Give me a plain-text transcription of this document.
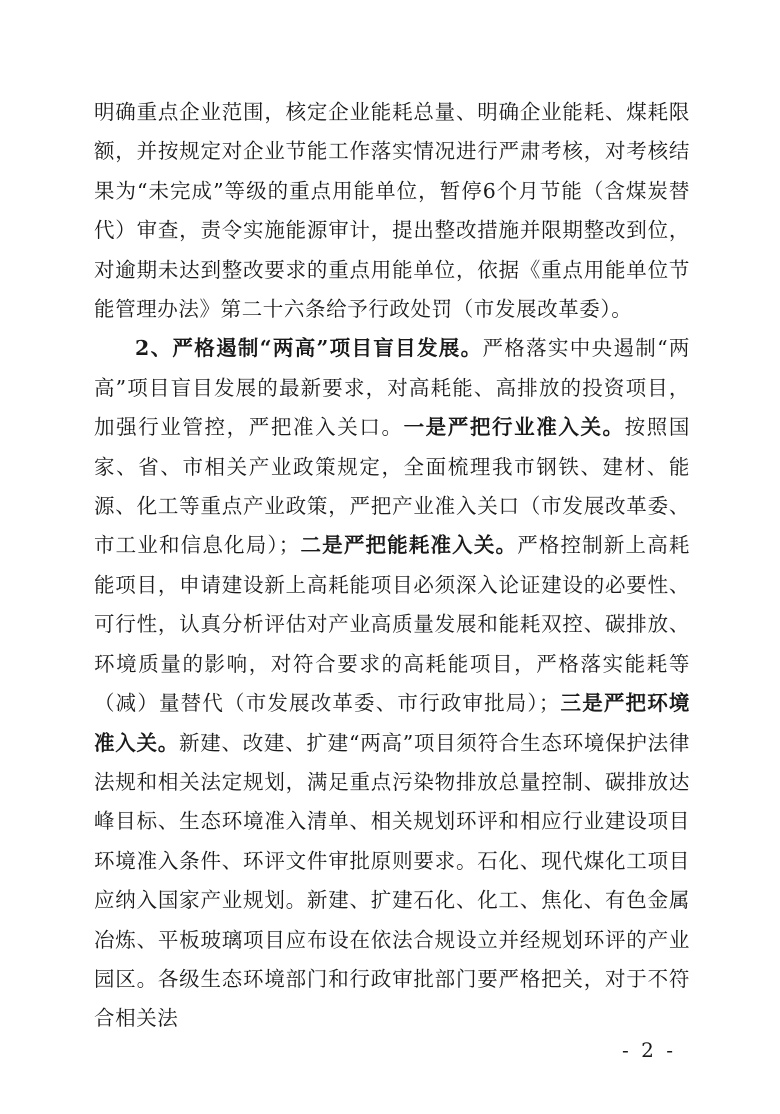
明确重点企业范围，核定企业能耗总量、明确企业能耗、煤耗限额，并按规定对企业节能工作落实情况进行严肃考核，对考核结果为“未完成”等级的重点用能单位，暂停6个月节能（含煤炭替代）审查，责令实施能源审计，提出整改措施并限期整改到位，对逾期未达到整改要求的重点用能单位，依据《重点用能单位节能管理办法》第二十六条给予行政处罚（市发展改革委）。

2、严格遏制“两高”项目盲目发展。严格落实中央遏制“两高”项目盲目发展的最新要求，对高耗能、高排放的投资项目，加强行业管控，严把准入关口。一是严把行业准入关。按照国家、省、市相关产业政策规定，全面梳理我市钢铁、建材、能源、化工等重点产业政策，严把产业准入关口（市发展改革委、市工业和信息化局）；二是严把能耗准入关。严格控制新上高耗能项目，申请建设新上高耗能项目必须深入论证建设的必要性、可行性，认真分析评估对产业高质量发展和能耗双控、碳排放、环境质量的影响，对符合要求的高耗能项目，严格落实能耗等（减）量替代（市发展改革委、市行政审批局）；三是严把环境准入关。新建、改建、扩建“两高”项目须符合生态环境保护法律法规和相关法定规划，满足重点污染物排放总量控制、碳排放达峰目标、生态环境准入清单、相关规划环评和相应行业建设项目环境准入条件、环评文件审批原则要求。石化、现代煤化工项目应纳入国家产业规划。新建、扩建石化、化工、焦化、有色金属冶炼、平板玻璃项目应布设在依法合规设立并经规划环评的产业园区。各级生态环境部门和行政审批部门要严格把关，对于不符合相关法

- 2 -
